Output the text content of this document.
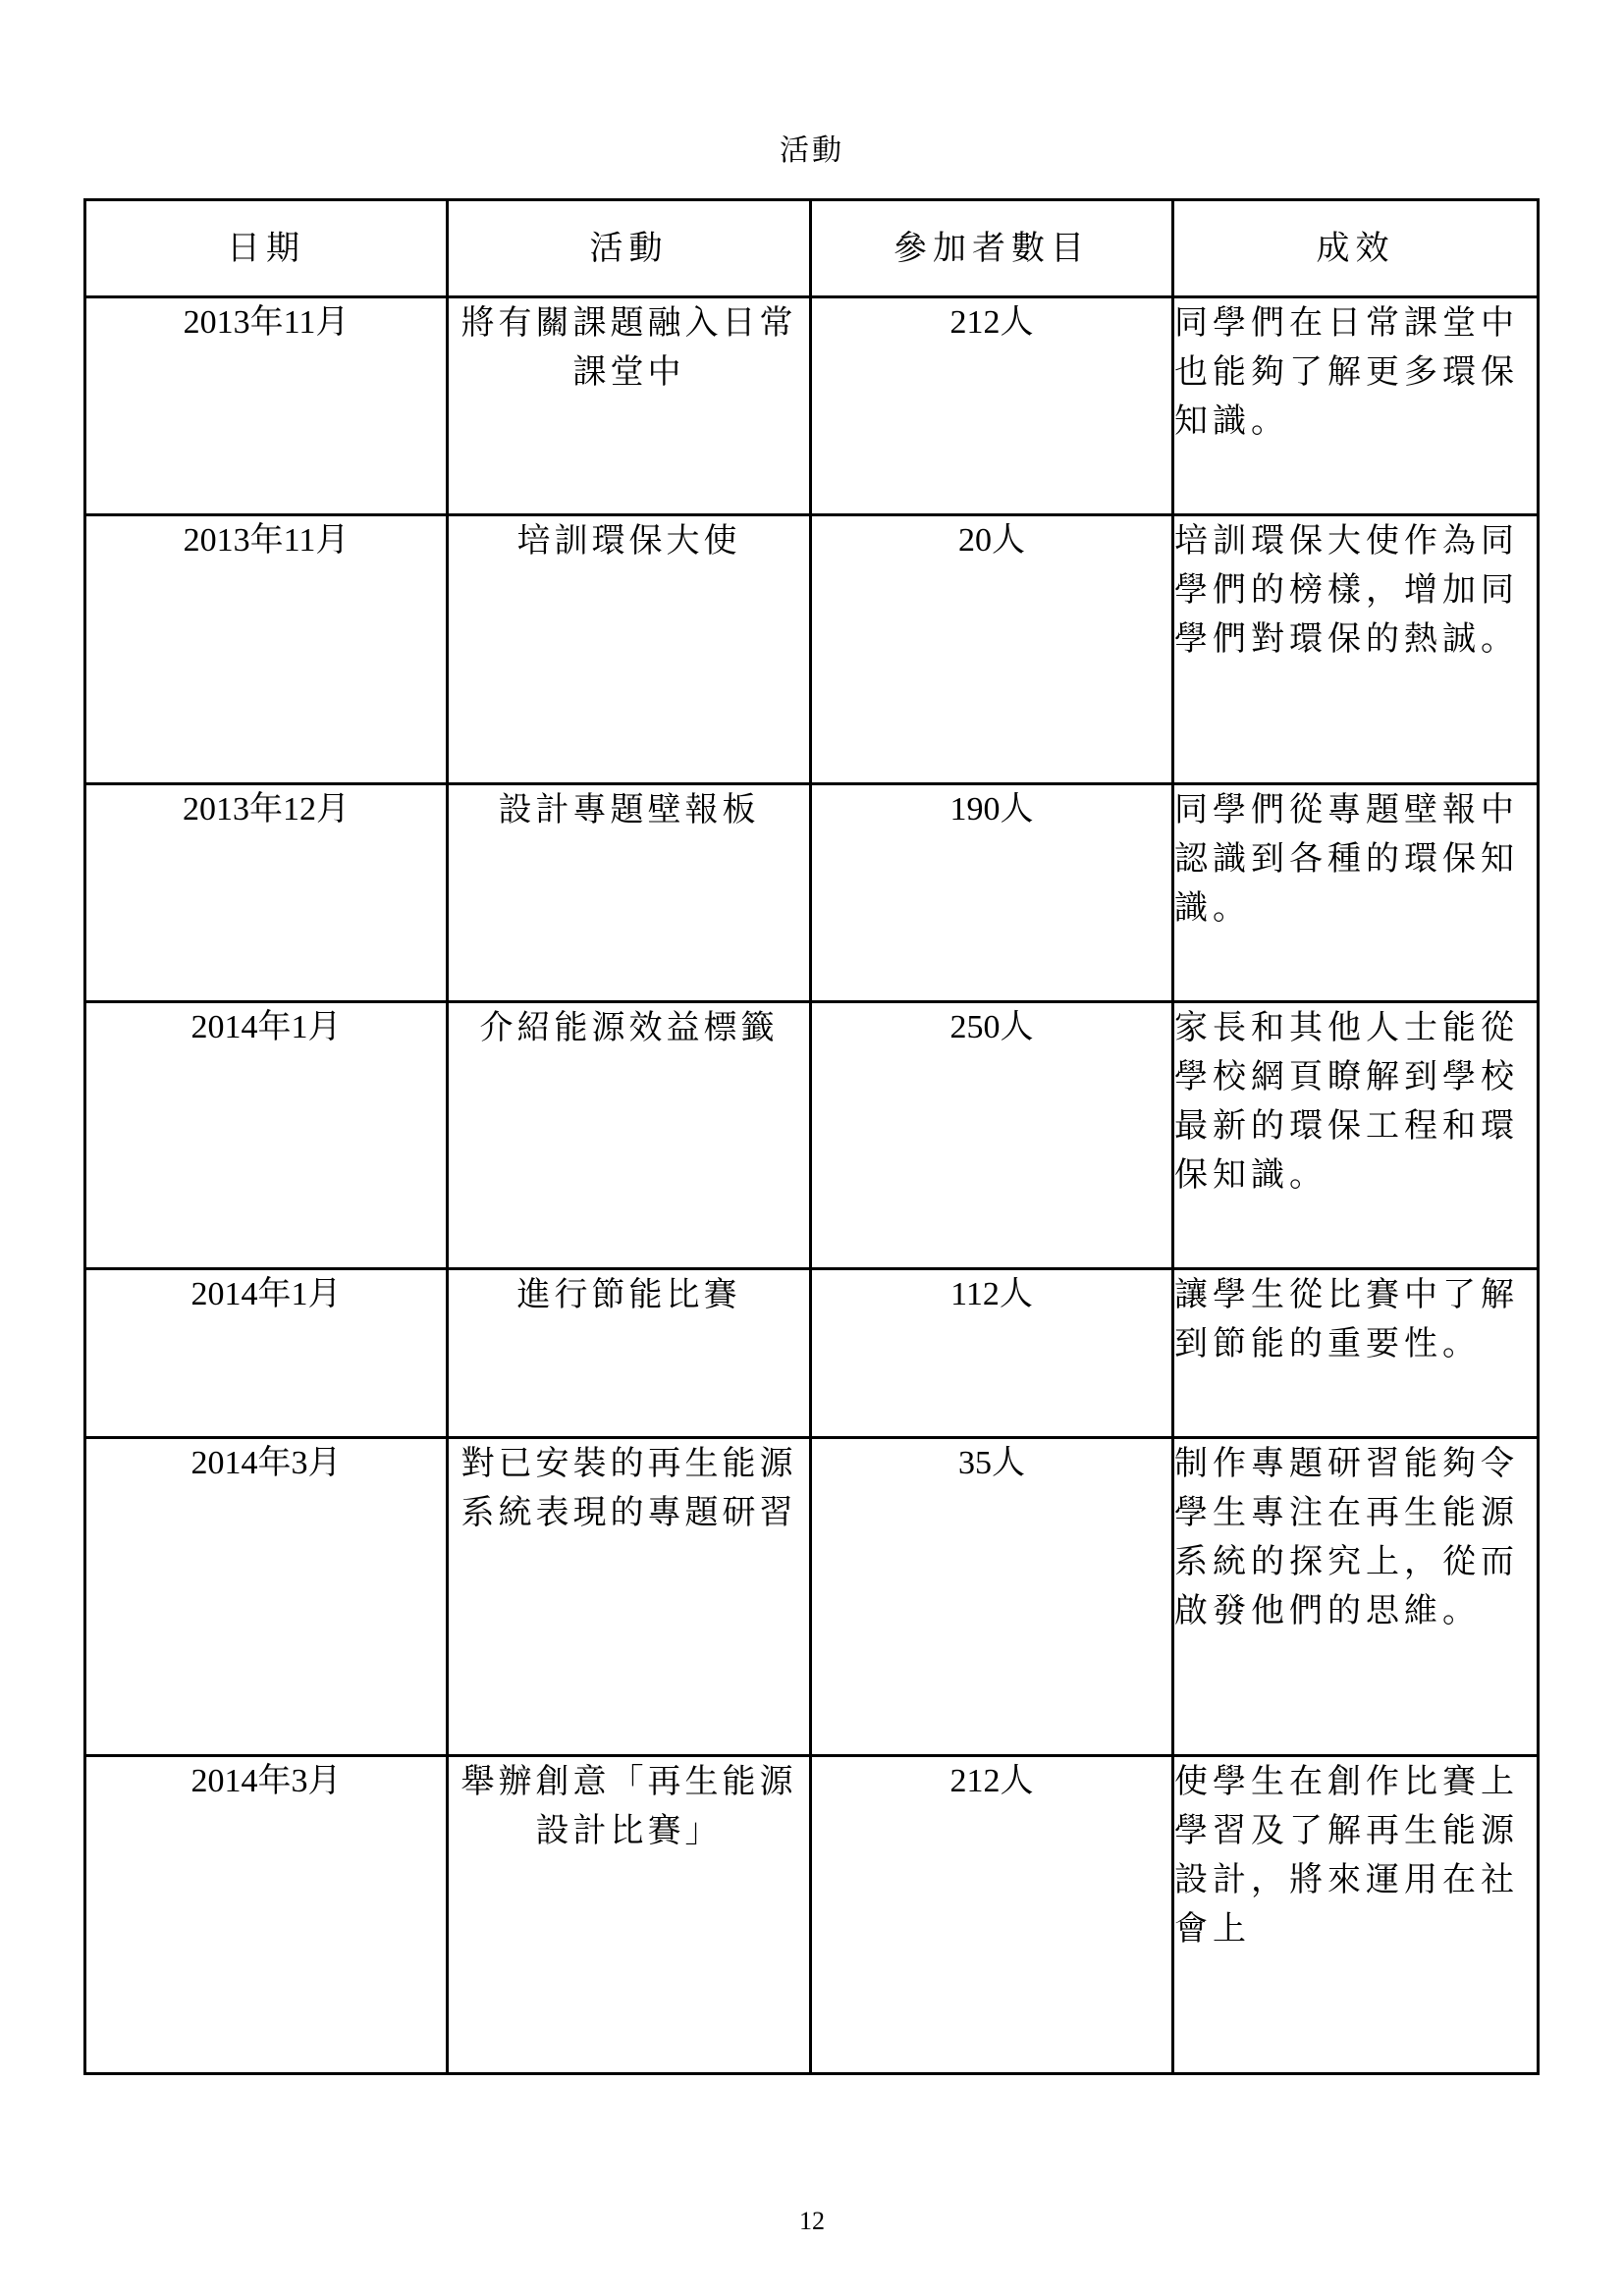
活動
日期	活動	參加者數目	成效
2013年11月	將有關課題融入日常課堂中	212人	同學們在日常課堂中也能夠了解更多環保知識。
2013年11月	培訓環保大使	20人	培訓環保大使作為同學們的榜樣，增加同學們對環保的熱誠。
2013年12月	設計專題壁報板	190人	同學們從專題壁報中認識到各種的環保知識。
2014年1月	介紹能源效益標籤	250人	家長和其他人士能從學校網頁瞭解到學校最新的環保工程和環保知識。
2014年1月	進行節能比賽	112人	讓學生從比賽中了解到節能的重要性。
2014年3月	對已安裝的再生能源系統表現的專題研習	35人	制作專題研習能夠令學生專注在再生能源系統的探究上，從而啟發他們的思維。
2014年3月	舉辦創意「再生能源設計比賽」	212人	使學生在創作比賽上學習及了解再生能源設計，將來運用在社會上
12
